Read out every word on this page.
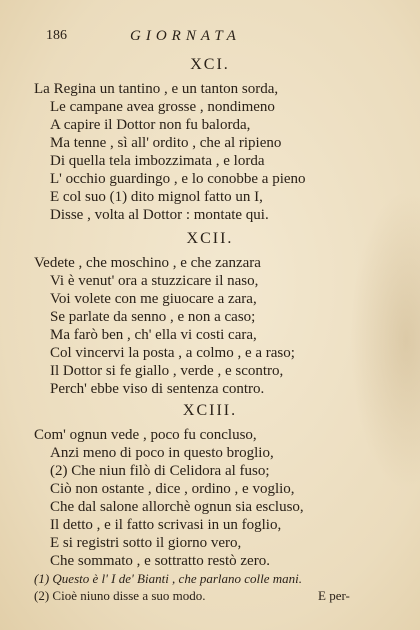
186	GIORNATA
XCI.
La Regina un tantino , e un tanton sorda,
Le campane avea grosse , nondimeno
A capire il Dottor non fu balorda,
Ma tenne , sì all' ordito , che al ripieno
Di quella tela imbozzimata , e lorda
L' occhio guardingo , e lo conobbe a pieno
E col suo (1) dito mignol fatto un I,
Disse , volta al Dottor : montate qui.
XCII.
Vedete , che moschino , e che zanzara
Vi è venut' ora a stuzzicare il naso,
Voi volete con me giuocare a zara,
Se parlate da senno , e non a caso;
Ma farò ben , ch' ella vi costi cara,
Col vincervi la posta , a colmo , e a raso;
Il Dottor si fe giallo , verde , e scontro,
Perch' ebbe viso di sentenza contro.
XCIII.
Com' ognun vede , poco fu concluso,
Anzi meno di poco in questo broglio,
(2) Che niun filò di Celidora al fuso;
Ciò non ostante , dice , ordino , e voglio,
Che dal salone allorchè ognun sia escluso,
Il detto , e il fatto scrivasi in un foglio,
E si registri sotto il giorno vero,
Che sommato , e sottratto restò zero.
(1) Questo è l' I de' Bianti , che parlano colle mani.
(2) Cioè niuno disse a suo modo.	E per-
